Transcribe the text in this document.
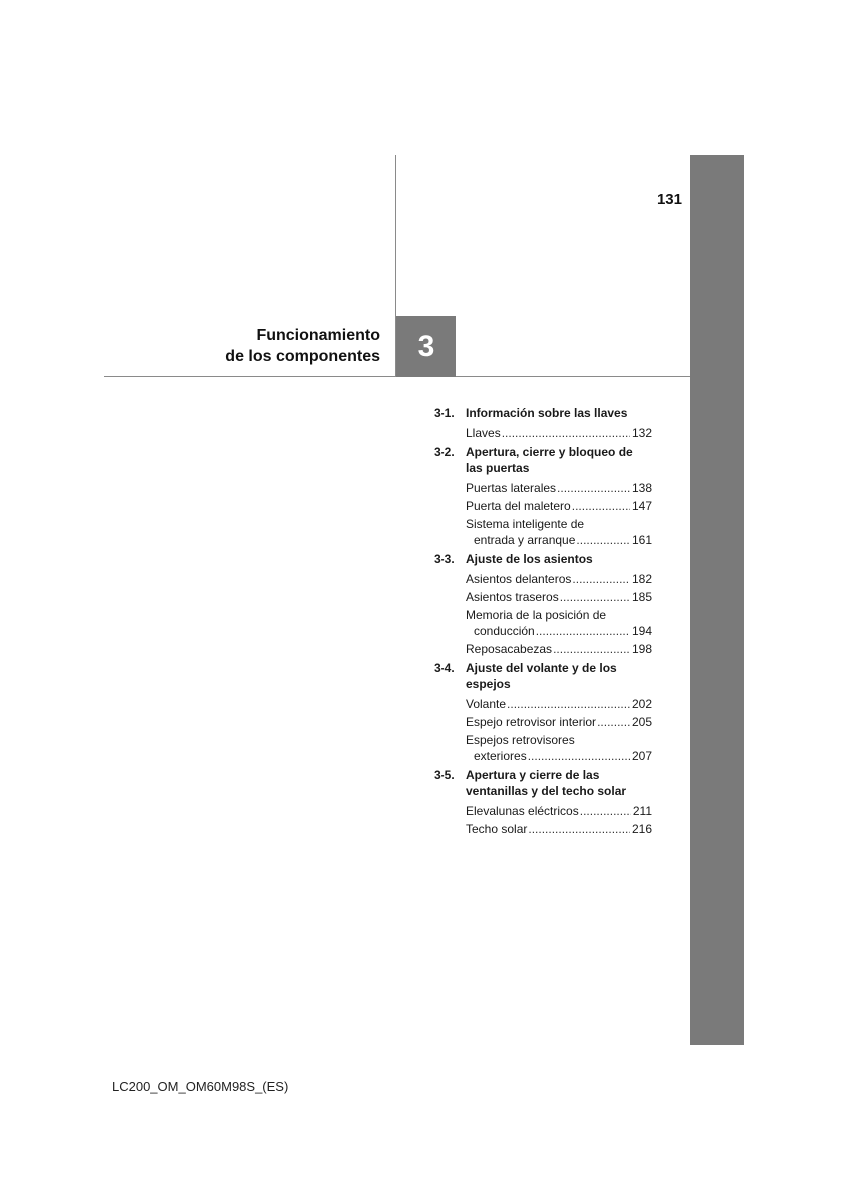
131
Funcionamiento
de los componentes	3
3-1. Información sobre las llaves
Llaves .....	132
3-2. Apertura, cierre y bloqueo de las puertas
Puertas laterales .....	138
Puerta del maletero .....	147
Sistema inteligente de
entrada y arranque .....	161
3-3. Ajuste de los asientos
Asientos delanteros .....	182
Asientos traseros .....	185
Memoria de la posición de
conducción .....	194
Reposacabezas .....	198
3-4. Ajuste del volante y de los espejos
Volante .....	202
Espejo retrovisor interior .....	205
Espejos retrovisores
exteriores .....	207
3-5. Apertura y cierre de las ventanillas y del techo solar
Elevalunas eléctricos .....	211
Techo solar .....	216
LC200_OM_OM60M98S_(ES)
